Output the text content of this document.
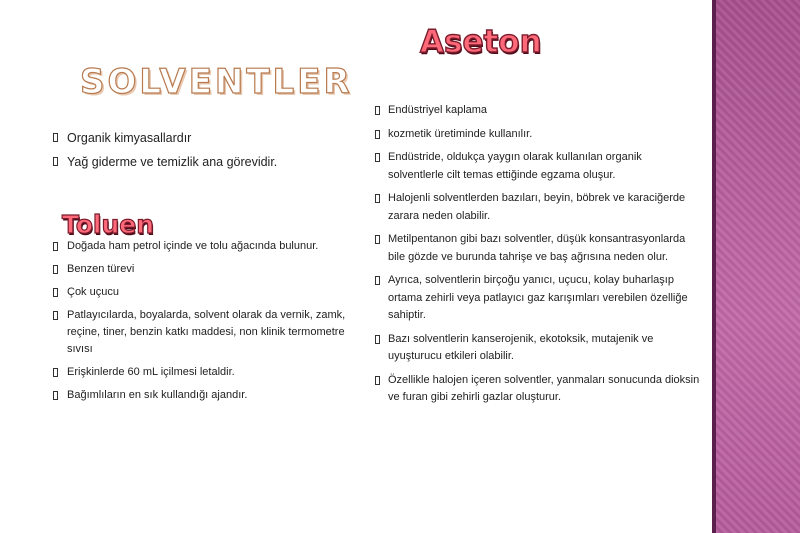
SOLVENTLER
Aseton
Toluen
Organik kimyasallardır
Yağ giderme ve temizlik ana görevidir.
Doğada ham petrol içinde ve tolu ağacında bulunur.
Benzen türevi
Çok uçucu
Patlayıcılarda, boyalarda, solvent olarak da vernik, zamk, reçine, tiner, benzin katkı maddesi, non klinik termometre sıvısı
Erişkinlerde 60 mL içilmesi letaldir.
Bağımlıların en sık kullandığı ajandır.
Endüstriyel kaplama
kozmetik üretiminde kullanılır.
Endüstride, oldukça yaygın olarak kullanılan organik solventlerle cilt temas ettiğinde egzama oluşur.
Halojenli solventlerden bazıları, beyin, böbrek ve karaciğerde zarara neden olabilir.
Metilpentanon gibi bazı solventler, düşük konsantrasyonlarda bile gözde ve burunda tahrişe ve baş ağrısına neden olur.
Ayrıca, solventlerin birçoğu yanıcı, uçucu, kolay buharlaşıp ortama zehirli veya patlayıcı gaz karışımları verebilen özelliğe sahiptir.
Bazı solventlerin kanserojenik, ekotoksik, mutajenik ve uyuşturucu etkileri olabilir.
Özellikle halojen içeren solventler, yanmaları sonucunda dioksin ve furan gibi zehirli gazlar oluşturur.
